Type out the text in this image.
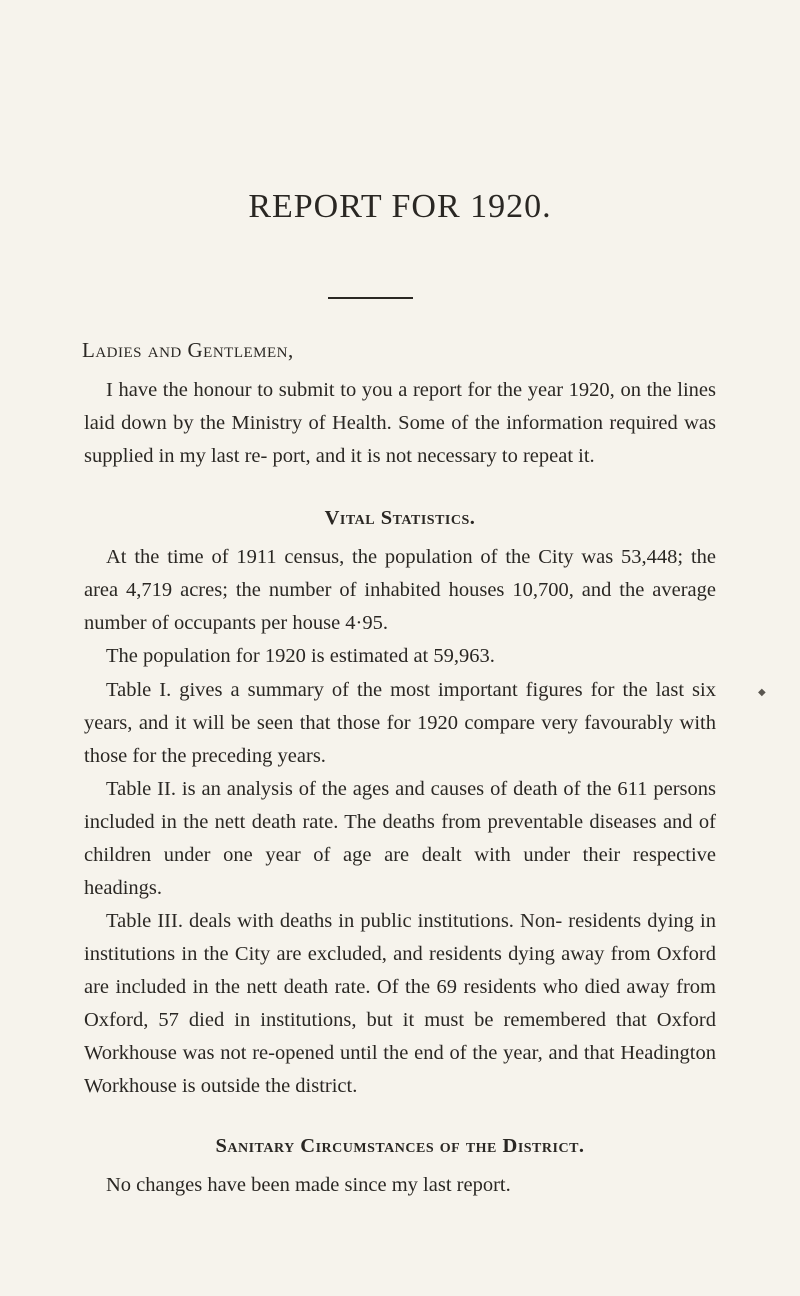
REPORT FOR 1920.

Ladies and Gentlemen,

I have the honour to submit to you a report for the year 1920, on the lines laid down by the Ministry of Health. Some of the information required was supplied in my last re- port, and it is not necessary to repeat it.

Vital Statistics.

At the time of 1911 census, the population of the City was 53,448; the area 4,719 acres; the number of inhabited houses 10,700, and the average number of occupants per house 4·95.

The population for 1920 is estimated at 59,963.

Table I. gives a summary of the most important figures for the last six years, and it will be seen that those for 1920 compare very favourably with those for the preceding years.

Table II. is an analysis of the ages and causes of death of the 611 persons included in the nett death rate. The deaths from preventable diseases and of children under one year of age are dealt with under their respective headings.

Table III. deals with deaths in public institutions. Non- residents dying in institutions in the City are excluded, and residents dying away from Oxford are included in the nett death rate. Of the 69 residents who died away from Oxford, 57 died in institutions, but it must be remembered that Oxford Workhouse was not re-opened until the end of the year, and that Headington Workhouse is outside the district.

Sanitary Circumstances of the District.

No changes have been made since my last report.

◆
